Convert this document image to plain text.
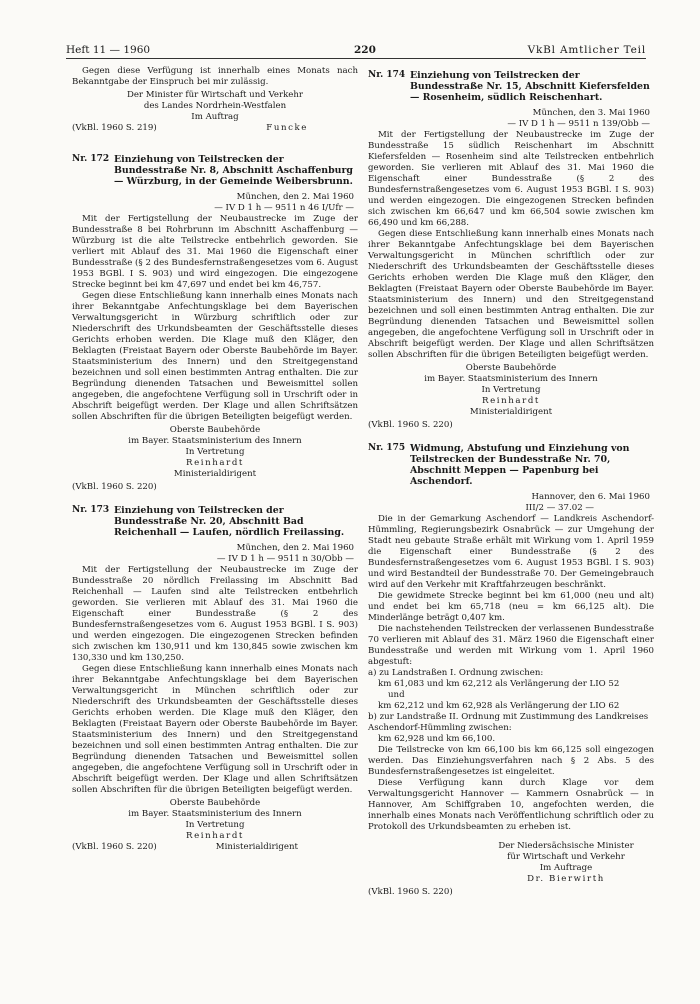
Heft 11 — 1960	220	VkBl Amtlicher Teil

Gegen diese Verfügung ist innerhalb eines Monats nach Bekanntgabe der Einspruch bei mir zulässig.

Der Minister für Wirtschaft und Verkehr
des Landes Nordrhein-Westfalen
Im Auftrag
(VkBl. 1960 S. 219)	Funcke
Nr. 172 Einziehung von Teilstrecken der Bundesstraße Nr. 8, Abschnitt Aschaffenburg — Würzburg, in der Gemeinde Weibersbrunn.
München, den 2. Mai 1960
— IV D 1 h — 9511 n 46 I/Ufr —

Mit der Fertigstellung der Neubaustrecke im Zuge der Bundesstraße 8 bei Rohrbrunn im Abschnitt Aschaffenburg — Würzburg ist die alte Teilstrecke entbehrlich geworden. Sie verliert mit Ablauf des 31. Mai 1960 die Eigenschaft einer Bundesstraße (§ 2 des Bundesfernstraßengesetzes vom 6. August 1953 BGBl. I S. 903) und wird eingezogen. Die eingezogene Strecke beginnt bei km 47,697 und endet bei km 46,757.

Gegen diese Entschließung kann innerhalb eines Monats nach ihrer Bekanntgabe Anfechtungsklage bei dem Bayerischen Verwaltungsgericht in Würzburg schriftlich oder zur Niederschrift des Urkundsbeamten der Geschäftsstelle dieses Gerichts erhoben werden. Die Klage muß den Kläger, den Beklagten (Freistaat Bayern oder Oberste Baubehörde im Bayer. Staatsministerium des Innern) und den Streitgegenstand bezeichnen und soll einen bestimmten Antrag enthalten. Die zur Begründung dienenden Tatsachen und Beweismittel sollen angegeben, die angefochtene Verfügung soll in Urschrift oder in Abschrift beigefügt werden. Der Klage und allen Schriftsätzen sollen Abschriften für die übrigen Beteiligten beigefügt werden.

Oberste Baubehörde
im Bayer. Staatsministerium des Innern
In Vertretung
Reinhardt
Ministerialdirigent
(VkBl. 1960 S. 220)
Nr. 173 Einziehung von Teilstrecken der Bundesstraße Nr. 20, Abschnitt Bad Reichenhall — Laufen, nördlich Freilassing.
München, den 2. Mai 1960
— IV D 1 h — 9511 n 30/Obb —

Mit der Fertigstellung der Neubaustrecke im Zuge der Bundesstraße 20 nördlich Freilassing im Abschnitt Bad Reichenhall — Laufen sind alte Teilstrecken entbehrlich geworden. Sie verlieren mit Ablauf des 31. Mai 1960 die Eigenschaft einer Bundesstraße (§ 2 des Bundesfernstraßengesetzes vom 6. August 1953 BGBl. I S. 903) und werden eingezogen. Die eingezogenen Strecken befinden sich zwischen km 130,911 und km 130,845 sowie zwischen km 130,330 und km 130,250.

Gegen diese Entschließung kann innerhalb eines Monats nach ihrer Bekanntgabe Anfechtungsklage bei dem Bayerischen Verwaltungsgericht in München schriftlich oder zur Niederschrift des Urkundsbeamten der Geschäftsstelle dieses Gerichts erhoben werden. Die Klage muß den Kläger, den Beklagten (Freistaat Bayern oder Oberste Baubehörde im Bayer. Staatsministerium des Innern) und den Streitgegenstand bezeichnen und soll einen bestimmten Antrag enthalten. Die zur Begründung dienenden Tatsachen und Beweismittel sollen angegeben, die angefochtene Verfügung soll in Urschrift oder in Abschrift beigefügt werden. Der Klage und allen Schriftsätzen sollen Abschriften für die übrigen Beteiligten beigefügt werden.

Oberste Baubehörde
im Bayer. Staatsministerium des Innern
In Vertretung
Reinhardt
(VkBl. 1960 S. 220)	Ministerialdirigent
Nr. 174 Einziehung von Teilstrecken der Bundesstraße Nr. 15, Abschnitt Kiefersfelden — Rosenheim, südlich Reischenhart.
München, den 3. Mai 1960
— IV D 1 h — 9511 n 139/Obb —

Mit der Fertigstellung der Neubaustrecke im Zuge der Bundesstraße 15 südlich Reischenhart im Abschnitt Kiefersfelden — Rosenheim sind alte Teilstrecken entbehrlich geworden. Sie verlieren mit Ablauf des 31. Mai 1960 die Eigenschaft einer Bundesstraße (§ 2 des Bundesfernstraßengesetzes vom 6. August 1953 BGBl. I S. 903) und werden eingezogen. Die eingezogenen Strecken befinden sich zwischen km 66,647 und km 66,504 sowie zwischen km 66,490 und km 66,288.

Gegen diese Entschließung kann innerhalb eines Monats nach ihrer Bekanntgabe Anfechtungsklage bei dem Bayerischen Verwaltungsgericht in München schriftlich oder zur Niederschrift des Urkundsbeamten der Geschäftsstelle dieses Gerichts erhoben werden Die Klage muß den Kläger, den Beklagten (Freistaat Bayern oder Oberste Baubehörde im Bayer. Staatsministerium des Innern) und den Streitgegenstand bezeichnen und soll einen bestimmten Antrag enthalten. Die zur Begründung dienenden Tatsachen und Beweismittel sollen angegeben, die angefochtene Verfügung soll in Urschrift oder in Abschrift beigefügt werden. Der Klage und allen Schriftsätzen sollen Abschriften für die übrigen Beteiligten beigefügt werden.

Oberste Baubehörde
im Bayer. Staatsministerium des Innern
In Vertretung
Reinhardt
Ministerialdirigent
(VkBl. 1960 S. 220)
Nr. 175 Widmung, Abstufung und Einziehung von Teilstrecken der Bundesstraße Nr. 70, Abschnitt Meppen — Papenburg bei Aschendorf.
Hannover, den 6. Mai 1960
III/2 — 37.02 —

Die in der Gemarkung Aschendorf — Landkreis Aschendorf-Hümmling, Regierungsbezirk Osnabrück — zur Umgehung der Stadt neu gebaute Straße erhält mit Wirkung vom 1. April 1959 die Eigenschaft einer Bundesstraße (§ 2 des Bundesfernstraßengesetzes vom 6. August 1953 BGBl. I S. 903) und wird Bestandteil der Bundesstraße 70. Der Gemeingebrauch wird auf den Verkehr mit Kraftfahrzeugen beschränkt.

Die gewidmete Strecke beginnt bei km 61,000 (neu und alt) und endet bei km 65,718 (neu = km 66,125 alt). Die Minderlänge beträgt 0,407 km.

Die nachstehenden Teilstrecken der verlassenen Bundesstraße 70 verlieren mit Ablauf des 31. März 1960 die Eigenschaft einer Bundesstraße und werden mit Wirkung vom 1. April 1960 abgestuft:

a) zu Landstraßen I. Ordnung zwischen:
km 61,083 und km 62,212 als Verlängerung der LIO 52
und
km 62,212 und km 62,928 als Verlängerung der LIO 62
b) zur Landstraße II. Ordnung mit Zustimmung des Landkreises Aschendorf-Hümmling zwischen:
km 62,928 und km 66,100.

Die Teilstrecke von km 66,100 bis km 66,125 soll eingezogen werden. Das Einziehungsverfahren nach § 2 Abs. 5 des Bundesfernstraßengesetzes ist eingeleitet.

Diese Verfügung kann durch Klage vor dem Verwaltungsgericht Hannover — Kammern Osnabrück — in Hannover, Am Schiffgraben 10, angefochten werden, die innerhalb eines Monats nach Veröffentlichung schriftlich oder zu Protokoll des Urkundsbeamten zu erheben ist.

Der Niedersächsische Minister
für Wirtschaft und Verkehr
Im Auftrage
Dr. Bierwirth
(VkBl. 1960 S. 220)
